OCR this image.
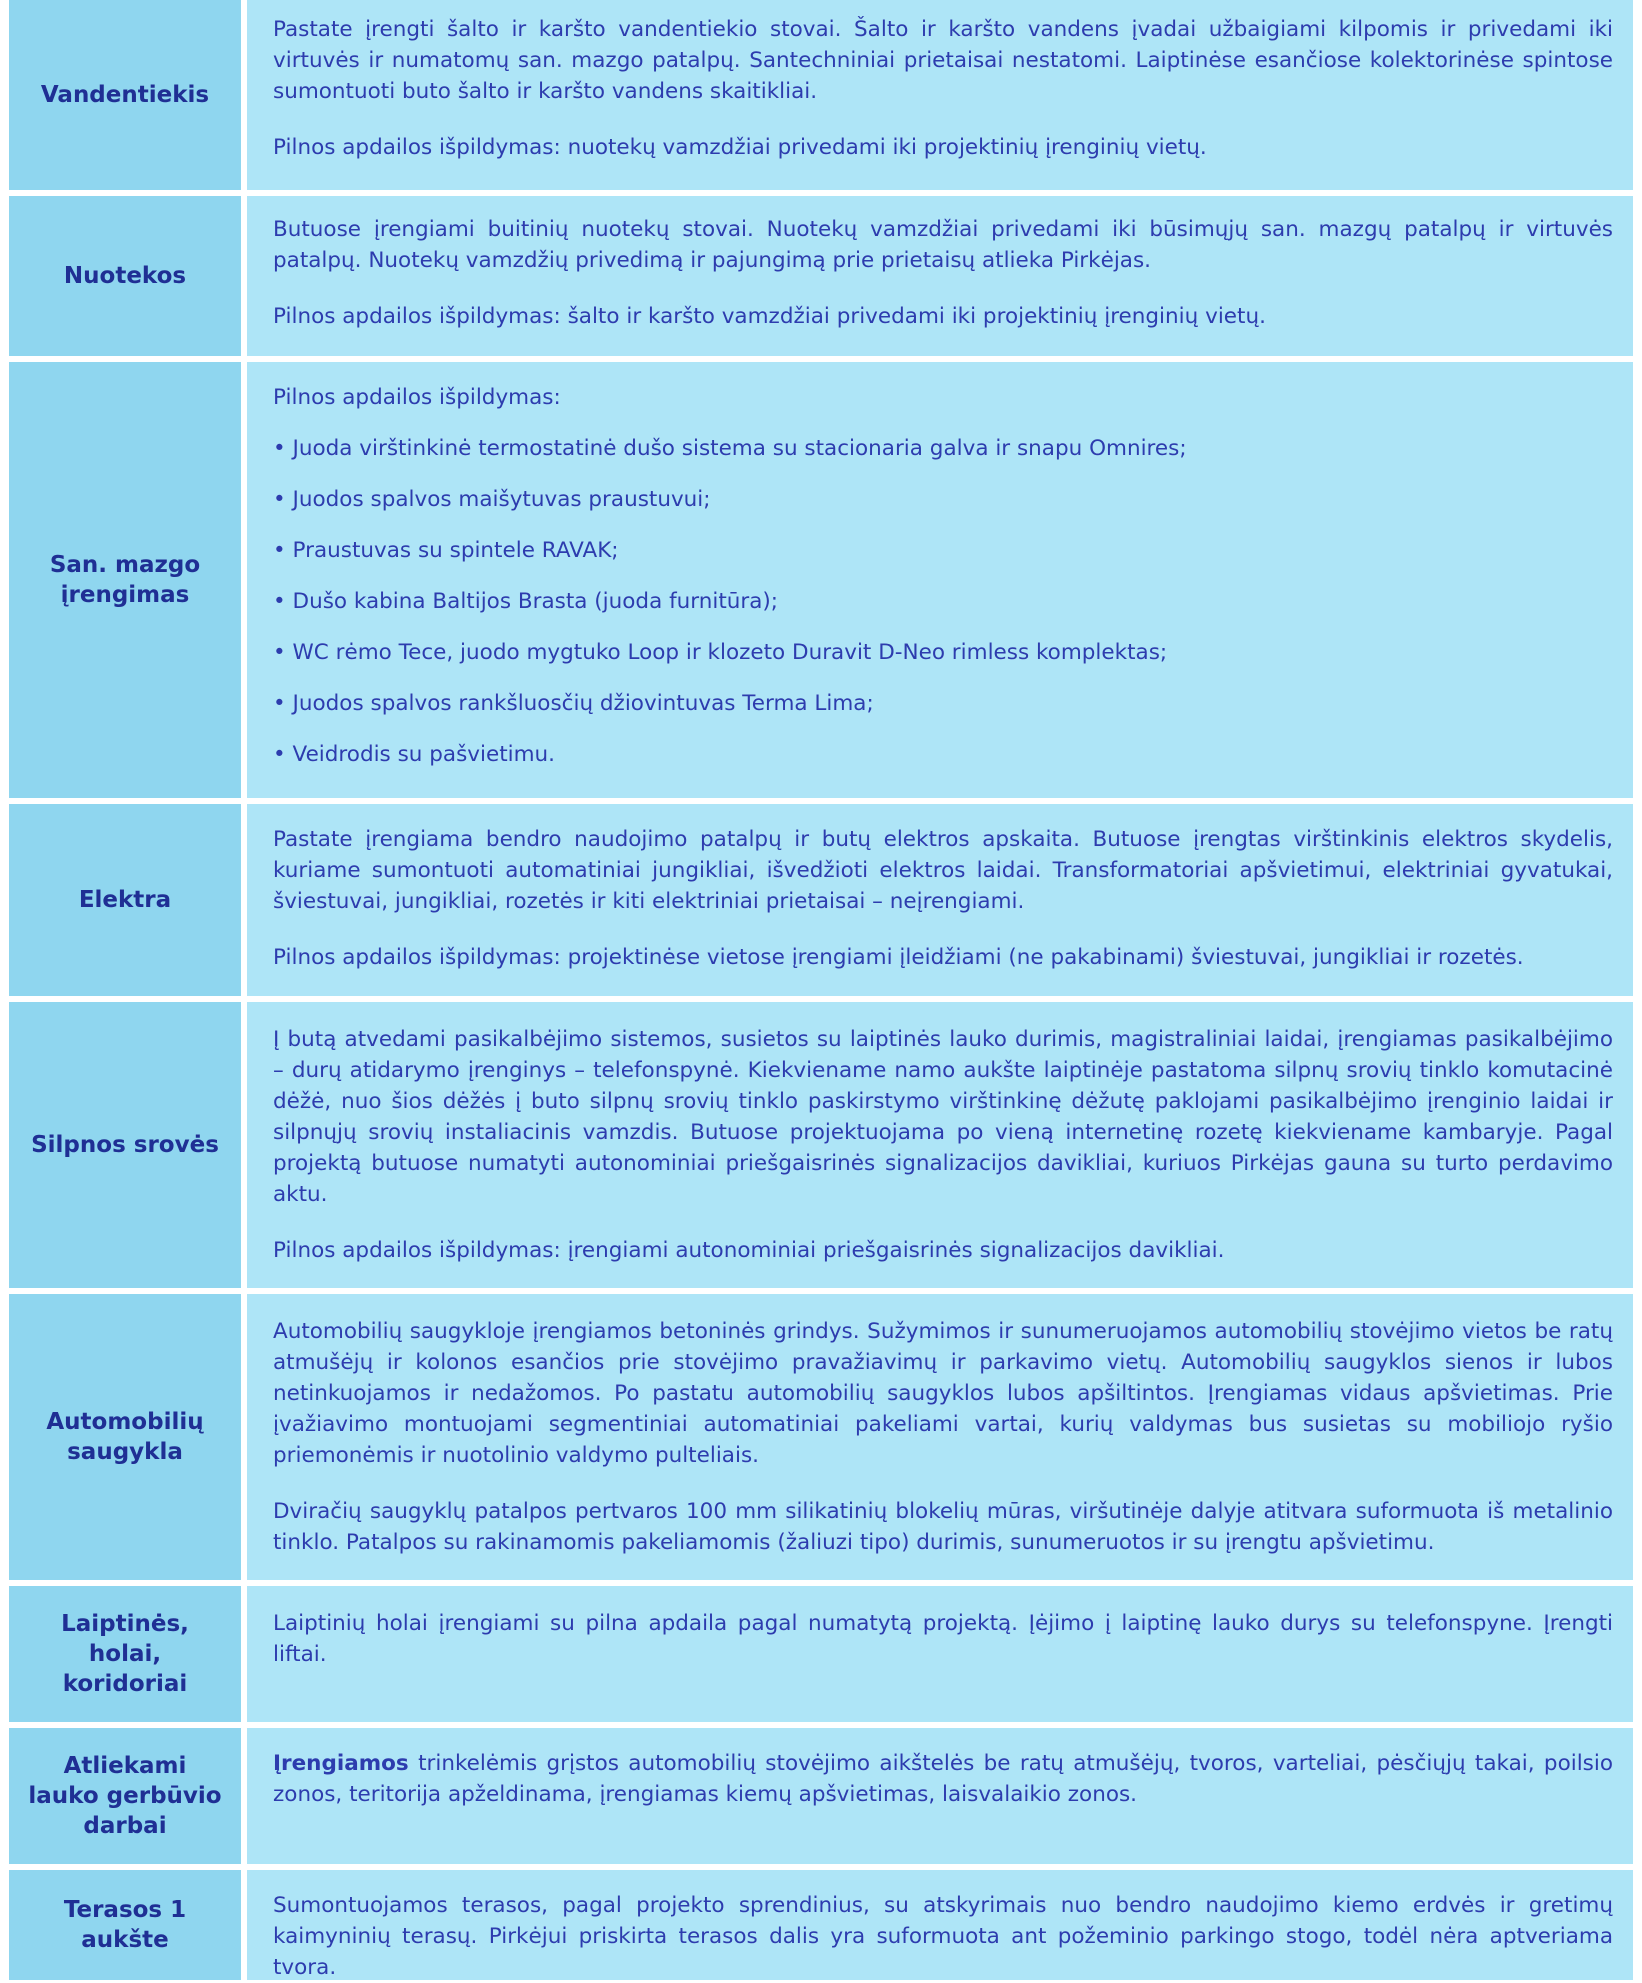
Vandentiekis

Pastate įrengti šalto ir karšto vandentiekio stovai. Šalto ir karšto vandens įvadai užbaigiami kilpomis ir privedami iki virtuvės ir numatomų san. mazgo patalpų. Santechniniai prietaisai nestatomi. Laiptinėse esančiose kolektorinėse spintose sumontuoti buto šalto ir karšto vandens skaitikliai.

Pilnos apdailos išpildymas: nuotekų vamzdžiai privedami iki projektinių įrenginių vietų.

Nuotekos

Butuose įrengiami buitinių nuotekų stovai. Nuotekų vamzdžiai privedami iki būsimųjų san. mazgų patalpų ir virtuvės patalpų. Nuotekų vamzdžių privedimą ir pajungimą prie prietaisų atlieka Pirkėjas.

Pilnos apdailos išpildymas: šalto ir karšto vamzdžiai privedami iki projektinių įrenginių vietų.

San. mazgo
įrengimas

Pilnos apdailos išpildymas:

• Juoda virštinkinė termostatinė dušo sistema su stacionaria galva ir snapu Omnires;
• Juodos spalvos maišytuvas praustuvui;
• Praustuvas su spintele RAVAK;
• Dušo kabina Baltijos Brasta (juoda furnitūra);
• WC rėmo Tece, juodo mygtuko Loop ir klozeto Duravit D-Neo rimless komplektas;
• Juodos spalvos rankšluosčių džiovintuvas Terma Lima;
• Veidrodis su pašvietimu.
Elektra

Pastate įrengiama bendro naudojimo patalpų ir butų elektros apskaita. Butuose įrengtas virštinkinis elektros skydelis, kuriame sumontuoti automatiniai jungikliai, išvedžioti elektros laidai. Transformatoriai apšvietimui, elektriniai gyvatukai, šviestuvai, jungikliai, rozetės ir kiti elektriniai prietaisai – neįrengiami.

Pilnos apdailos išpildymas: projektinėse vietose įrengiami įleidžiami (ne pakabinami) šviestuvai, jungikliai ir rozetės.

Silpnos srovės

Į butą atvedami pasikalbėjimo sistemos, susietos su laiptinės lauko durimis, magistraliniai laidai, įrengiamas pasikalbėjimo – durų atidarymo įrenginys – telefonspynė. Kiekviename namo aukšte laiptinėje pastatoma silpnų srovių tinklo komutacinė dėžė, nuo šios dėžės į buto silpnų srovių tinklo paskirstymo virštinkinę dėžutę paklojami pasikalbėjimo įrenginio laidai ir silpnųjų srovių instaliacinis vamzdis. Butuose projektuojama po vieną internetinę rozetę kiekviename kambaryje. Pagal projektą butuose numatyti autonominiai priešgaisrinės signalizacijos davikliai, kuriuos Pirkėjas gauna su turto perdavimo aktu.

Pilnos apdailos išpildymas: įrengiami autonominiai priešgaisrinės signalizacijos davikliai.

Automobilių
saugykla

Automobilių saugykloje įrengiamos betoninės grindys. Sužymimos ir sunumeruojamos automobilių stovėjimo vietos be ratų atmušėjų ir kolonos esančios prie stovėjimo pravažiavimų ir parkavimo vietų. Automobilių saugyklos sienos ir lubos netinkuojamos ir nedažomos. Po pastatu automobilių saugyklos lubos apšiltintos. Įrengiamas vidaus apšvietimas. Prie įvažiavimo montuojami segmentiniai automatiniai pakeliami vartai, kurių valdymas bus susietas su mobiliojo ryšio priemonėmis ir nuotolinio valdymo pulteliais.

Dviračių saugyklų patalpos pertvaros 100 mm silikatinių blokelių mūras, viršutinėje dalyje atitvara suformuota iš metalinio tinklo. Patalpos su rakinamomis pakeliamomis (žaliuzi tipo) durimis, sunumeruotos ir su įrengtu apšvietimu.

Laiptinės,
holai,
koridoriai

Laiptinių holai įrengiami su pilna apdaila pagal numatytą projektą. Įėjimo į laiptinę lauko durys su telefonspyne. Įrengti liftai.

Atliekami
lauko gerbūvio
darbai

Įrengiamos trinkelėmis grįstos automobilių stovėjimo aikštelės be ratų atmušėjų, tvoros, varteliai, pėsčiųjų takai, poilsio zonos, teritorija apželdinama, įrengiamas kiemų apšvietimas, laisvalaikio zonos.

Terasos 1
aukšte

Sumontuojamos terasos, pagal projekto sprendinius, su atskyrimais nuo bendro naudojimo kiemo erdvės ir gretimų kaimyninių terasų. Pirkėjui priskirta terasos dalis yra suformuota ant požeminio parkingo stogo, todėl nėra aptveriama tvora.
